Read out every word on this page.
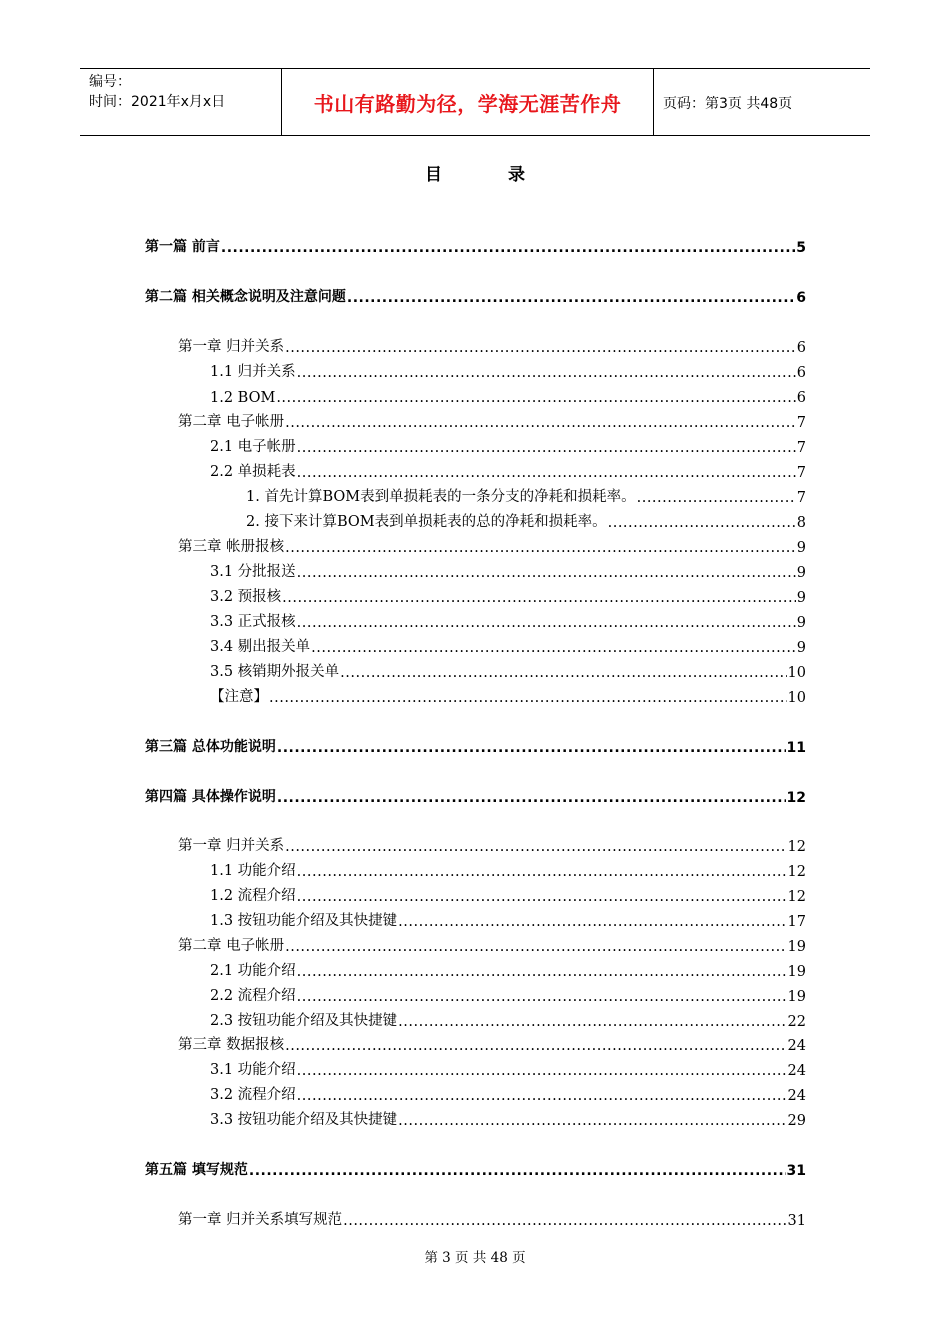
编号：
时间：2021年x月x日	书山有路勤为径，学海无涯苦作舟	页码：第3页 共48页
目 录
第一篇 前言 .....	5
第二篇 相关概念说明及注意问题 .....	6
第一章 归并关系 .....	6
1.1 归并关系 .....	6
1.2 BOM .....	6
第二章 电子帐册 .....	7
2.1 电子帐册 .....	7
2.2 单损耗表 .....	7
1. 首先计算BOM表到单损耗表的一条分支的净耗和损耗率。 .....	7
2. 接下来计算BOM表到单损耗表的总的净耗和损耗率。 .....	8
第三章 帐册报核 .....	9
3.1 分批报送 .....	9
3.2 预报核 .....	9
3.3 正式报核 .....	9
3.4 剔出报关单 .....	9
3.5 核销期外报关单 .....	10
【注意】 .....	10
第三篇 总体功能说明 .....	11
第四篇 具体操作说明 .....	12
第一章 归并关系 .....	12
1.1 功能介绍 .....	12
1.2 流程介绍 .....	12
1.3 按钮功能介绍及其快捷键 .....	17
第二章 电子帐册 .....	19
2.1 功能介绍 .....	19
2.2 流程介绍 .....	19
2.3 按钮功能介绍及其快捷键 .....	22
第三章 数据报核 .....	24
3.1 功能介绍 .....	24
3.2 流程介绍 .....	24
3.3 按钮功能介绍及其快捷键 .....	29
第五篇 填写规范 .....	31
第一章 归并关系填写规范 .....	31
第 3 页 共 48 页
